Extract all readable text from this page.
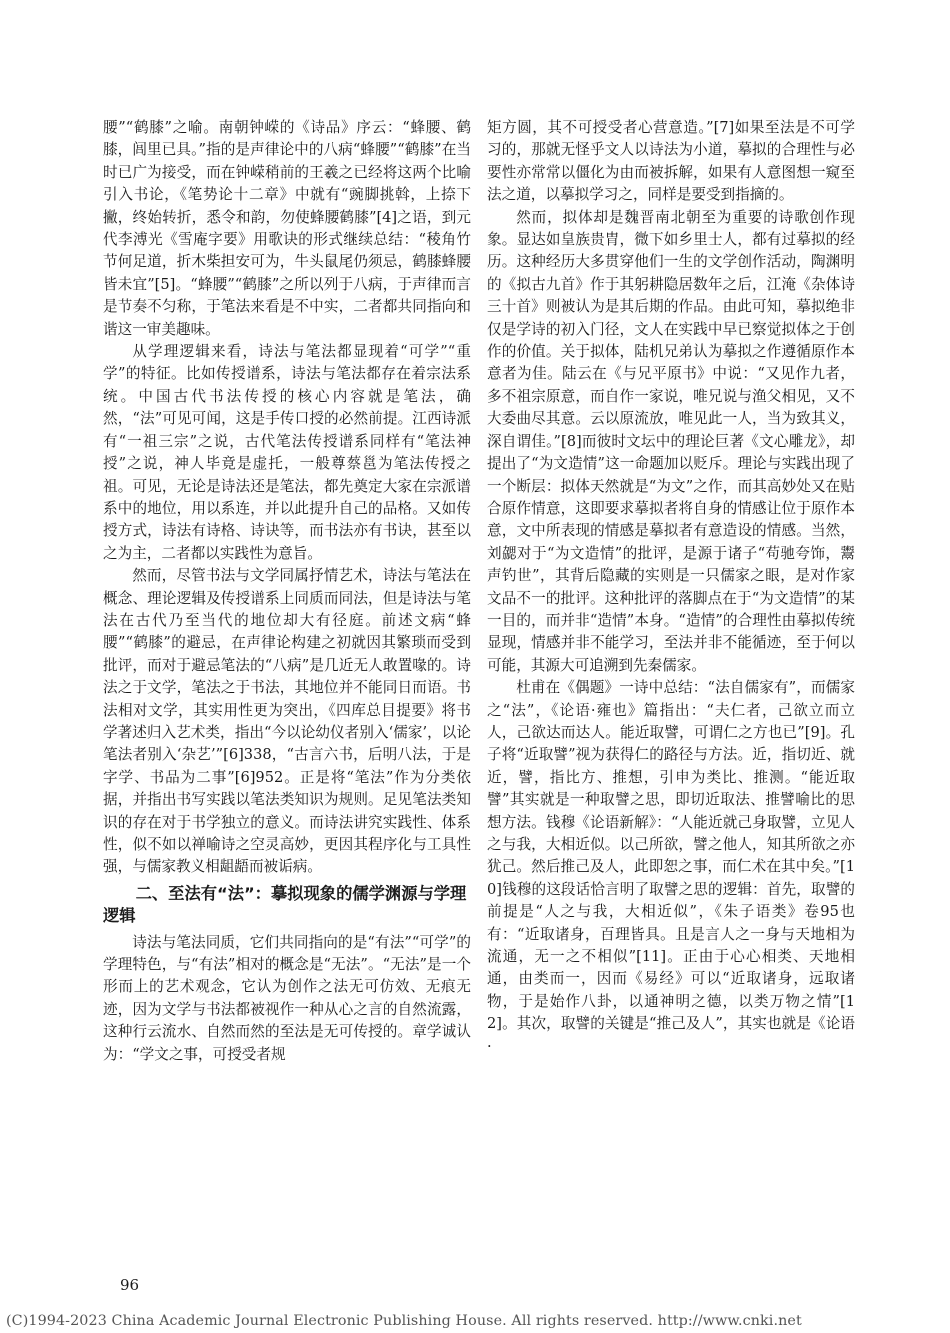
腰”“鹤膝”之喻。南朝钟嵘的《诗品》序云：“蜂腰、鹤膝，闾里已具。”指的是声律论中的八病“蜂腰”“鹤膝”在当时已广为接受，而在钟嵘稍前的王羲之已经将这两个比喻引入书论，《笔势论十二章》中就有“豌脚挑斡，上捺下撇，终始转折，悉令和韵，勿使蜂腰鹤膝”[4]之语，到元代李溥光《雪庵字要》用歌诀的形式继续总结：“稜角竹节何足道，折木柴担安可为，牛头鼠尾仍须忌，鹤膝蜂腰皆未宜”[5]。“蜂腰”“鹤膝”之所以列于八病，于声律而言是节奏不匀称，于笔法来看是不中实，二者都共同指向和谐这一审美趣味。

从学理逻辑来看，诗法与笔法都显现着“可学”“重学”的特征。比如传授谱系，诗法与笔法都存在着宗法系统。中国古代书法传授的核心内容就是笔法，确然，“法”可见可闻，这是手传口授的必然前提。江西诗派有“一祖三宗”之说，古代笔法传授谱系同样有“笔法神授”之说，神人毕竟是虚托，一般尊蔡邕为笔法传授之祖。可见，无论是诗法还是笔法，都先奠定大家在宗派谱系中的地位，用以系连，并以此提升自己的品格。又如传授方式，诗法有诗格、诗诀等，而书法亦有书诀，甚至以之为主，二者都以实践性为意旨。

然而，尽管书法与文学同属抒情艺术，诗法与笔法在概念、理论逻辑及传授谱系上同质而同法，但是诗法与笔法在古代乃至当代的地位却大有径庭。前述文病“蜂腰”“鹤膝”的避忌，在声律论构建之初就因其繁琐而受到批评，而对于避忌笔法的“八病”是几近无人敢置喙的。诗法之于文学，笔法之于书法，其地位并不能同日而语。书法相对文学，其实用性更为突出，《四库总目提要》将书学著述归入艺术类，指出“今以论幼仪者别入‘儒家’，以论笔法者别入‘杂艺’”[6]338，“古言六书，后明八法，于是字学、书品为二事”[6]952。正是将“笔法”作为分类依据，并指出书写实践以笔法类知识为规则。足见笔法类知识的存在对于书学独立的意义。而诗法讲究实践性、体系性，似不如以禅喻诗之空灵高妙，更因其程序化与工具性强，与儒家教义相龃龉而被诟病。

二、至法有“法”：摹拟现象的儒学渊源与学理逻辑

诗法与笔法同质，它们共同指向的是“有法”“可学”的学理特色，与“有法”相对的概念是“无法”。“无法”是一个形而上的艺术观念，它认为创作之法无可仿效、无痕无迹，因为文学与书法都被视作一种从心之言的自然流露，这种行云流水、自然而然的至法是无可传授的。章学诚认为：“学文之事，可授受者规

矩方圆，其不可授受者心营意造。”[7]如果至法是不可学习的，那就无怪乎文人以诗法为小道，摹拟的合理性与必要性亦常常以僵化为由而被拆解，如果有人意图想一窥至法之道，以摹拟学习之，同样是要受到指摘的。

然而，拟体却是魏晋南北朝至为重要的诗歌创作现象。显达如皇族贵胄，微下如乡里士人，都有过摹拟的经历。这种经历大多贯穿他们一生的文学创作活动，陶渊明的《拟古九首》作于其躬耕隐居数年之后，江淹《杂体诗三十首》则被认为是其后期的作品。由此可知，摹拟绝非仅是学诗的初入门径，文人在实践中早已察觉拟体之于创作的价值。关于拟体，陆机兄弟认为摹拟之作遵循原作本意者为佳。陆云在《与兄平原书》中说：“又见作九者，多不祖宗原意，而自作一家说，唯兄说与渔父相见，又不大委曲尽其意。云以原流放，唯见此一人，当为致其义，深自谓佳。”[8]而彼时文坛中的理论巨著《文心雕龙》，却提出了“为文造情”这一命题加以贬斥。理论与实践出现了一个断层：拟体天然就是“为文”之作，而其高妙处又在贴合原作情意，这即要求摹拟者将自身的情感让位于原作本意，文中所表现的情感是摹拟者有意造设的情感。当然，刘勰对于“为文造情”的批评，是源于诸子“苟驰夸饰，鬻声钓世”，其背后隐藏的实则是一只儒家之眼，是对作家文品不一的批评。这种批评的落脚点在于“为文造情”的某一目的，而并非“造情”本身。“造情”的合理性由摹拟传统显现，情感并非不能学习，至法并非不能循迹，至于何以可能，其源大可追溯到先秦儒家。

杜甫在《偶题》一诗中总结：“法自儒家有”，而儒家之“法”，《论语·雍也》篇指出：“夫仁者，己欲立而立人，己欲达而达人。能近取譬，可谓仁之方也已”[9]。孔子将“近取譬”视为获得仁的路径与方法。近，指切近、就近，譬，指比方、推想，引申为类比、推测。“能近取譬”其实就是一种取譬之思，即切近取法、推譬喻比的思想方法。钱穆《论语新解》：“人能近就己身取譬，立见人之与我，大相近似。以己所欲，譬之他人，知其所欲之亦犹己。然后推己及人，此即恕之事，而仁术在其中矣。”[10]钱穆的这段话恰言明了取譬之思的逻辑：首先，取譬的前提是“人之与我，大相近似”，《朱子语类》卷95也有：“近取诸身，百理皆具。且是言人之一身与天地相为流通，无一之不相似”[11]。正由于心心相类、天地相通，由类而一，因而《易经》可以“近取诸身，远取诸物，于是始作八卦，以通神明之德，以类万物之情”[12]。其次，取譬的关键是“推己及人”，其实也就是《论语·

96
(C)1994-2023 China Academic Journal Electronic Publishing House. All rights reserved. http://www.cnki.net
